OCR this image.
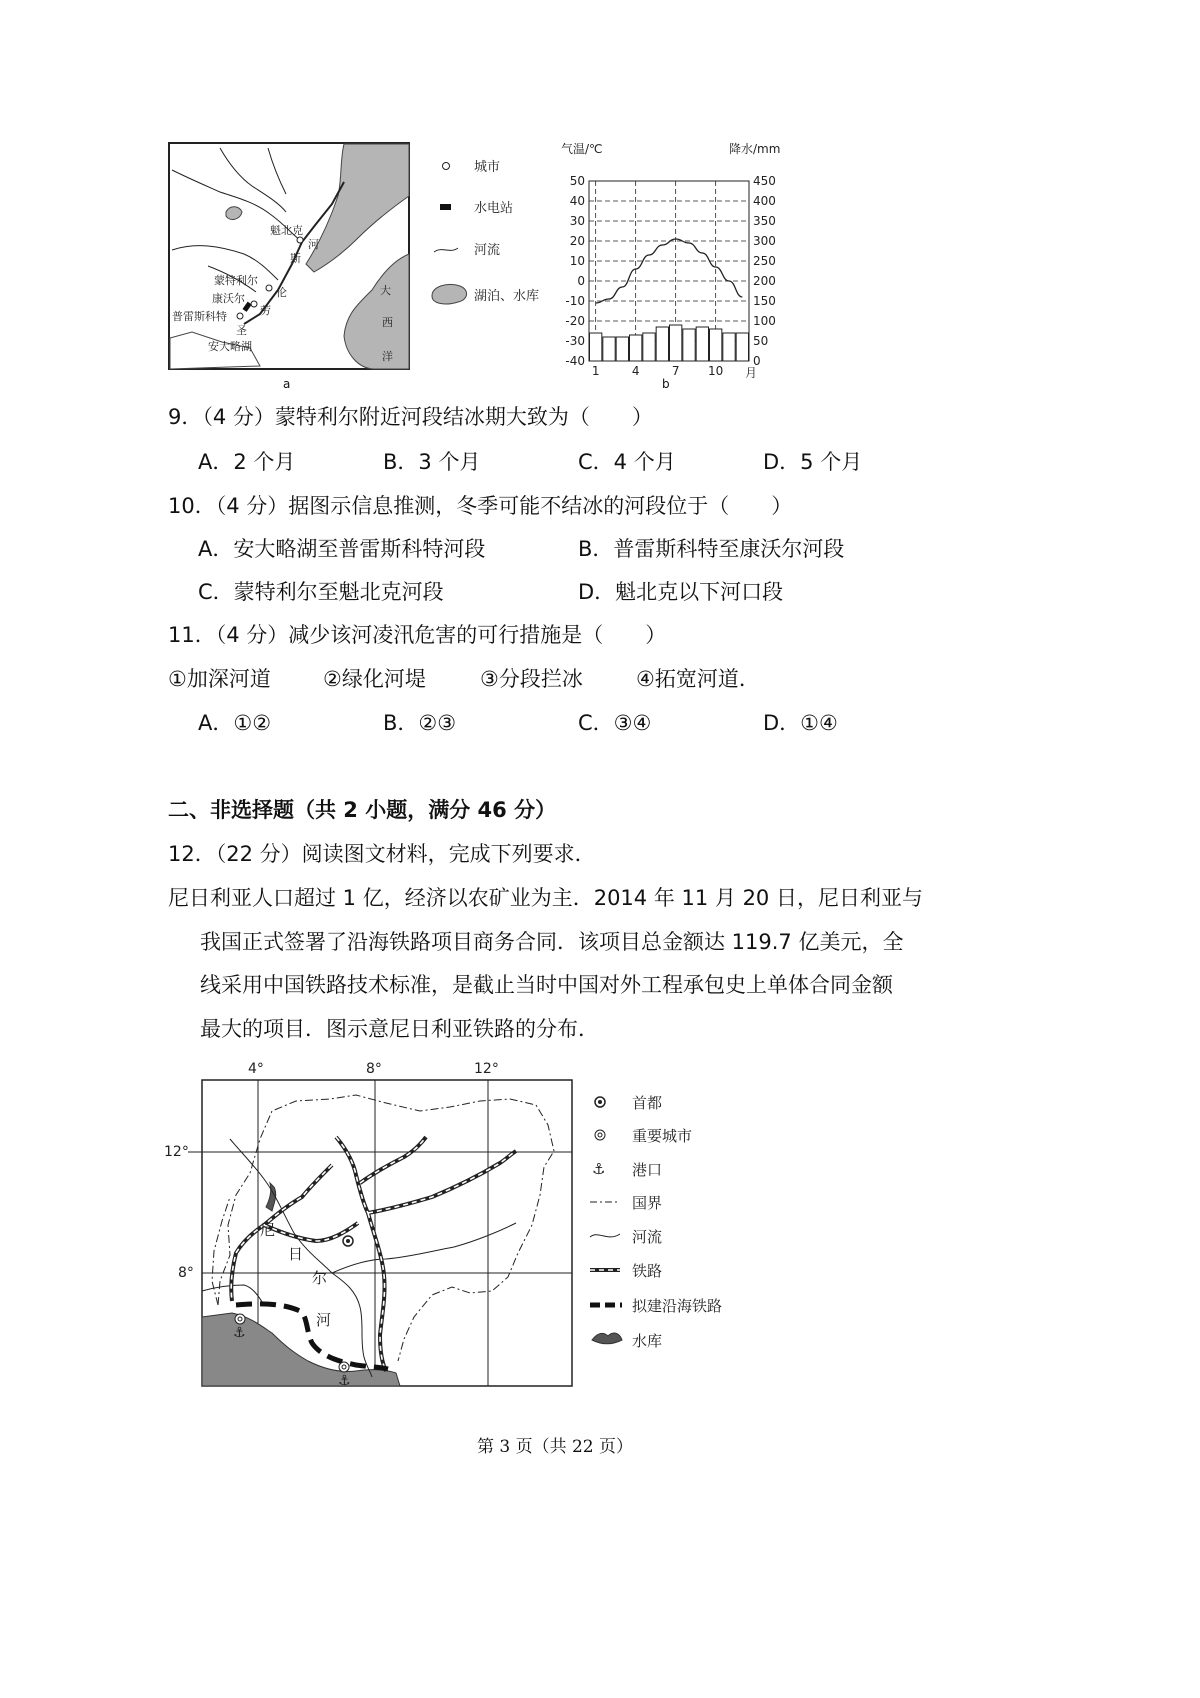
魁北克
蒙特利尔
康沃尔
普雷斯科特
圣
劳
伦
斯
河
安大略湖
大
西
洋
a
城市
水电站
河流
湖泊、水库
气温/℃	降水/mm
50
40
30
20
10
0
-10
-20
-30
-40
450
400
350
300
250
200
150
100
50
0
1	4	7 10 月
b
9．（4 分）蒙特利尔附近河段结冰期大致为（　　）
A．2 个月	B．3 个月	C．4 个月	D．5 个月
10．（4 分）据图示信息推测，冬季可能不结冰的河段位于（　　）
A．安大略湖至普雷斯科特河段	B．普雷斯科特至康沃尔河段
C．蒙特利尔至魁北克河段	D．魁北克以下河口段
11．（4 分）减少该河凌汛危害的可行措施是（　　）
①加深河道 ②绿化河堤	③分段拦冰	④拓宽河道．
A．①②	B．②③	C．③④	D．①④
二、非选择题（共 2 小题，满分 46 分）
12．（22 分）阅读图文材料，完成下列要求．
尼日利亚人口超过 1 亿，经济以农矿业为主．2014 年 11 月 20 日，尼日利亚与
我国正式签署了沿海铁路项目商务合同．该项目总金额达 119.7 亿美元，全
线采用中国铁路技术标准，是截止当时中国对外工程承包史上单体合同金额
最大的项目．图示意尼日利亚铁路的分布．
4°	8°	12°
12°
8°
⚓
⚓
尼
日
尔
河
⚓
首都
重要城市
港口
国界
河流
铁路
拟建沿海铁路
水库
第 3 页（共 22 页）
